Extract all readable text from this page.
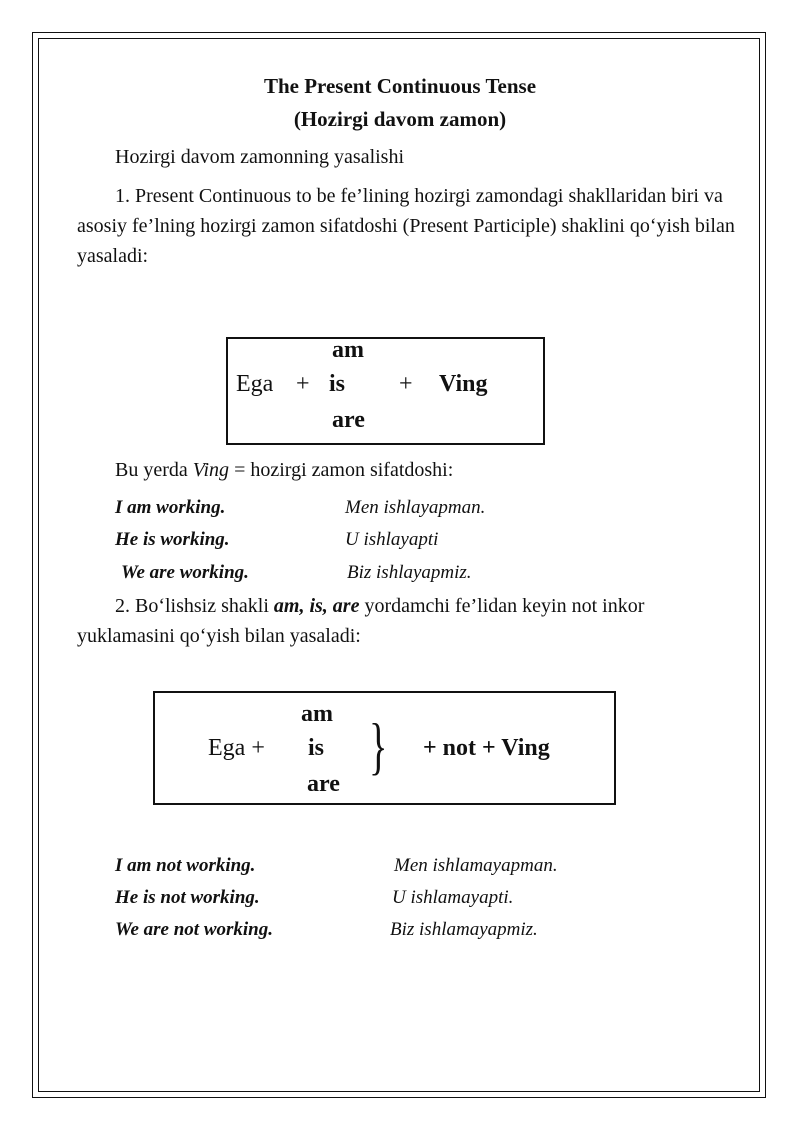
The Present Continuous Tense
(Hozirgi davom zamon)
Hozirgi davom zamonning yasalishi
1. Present Continuous to be fe’lining hozirgi zamondagi shakllaridan biri va asosiy fe’lning hozirgi zamon sifatdoshi (Present Participle) shaklini qo‘yish bilan yasaladi:
am
Ega + is + Ving
are
Bu yerda Ving = hozirgi zamon sifatdoshi:
I am working.	Men ishlayapman.
He is working.	U ishlayapti
We are working.	Biz ishlayapmiz.
2. Bo‘lishsiz shakli am, is, are yordamchi fe’lidan keyin not inkor yuklamasini qo‘yish bilan yasaladi:
am
Ega + is
are
} + not + Ving
I am not working.	Men ishlamayapman.
He is not working.	U ishlamayapti.
We are not working.	Biz ishlamayapmiz.
